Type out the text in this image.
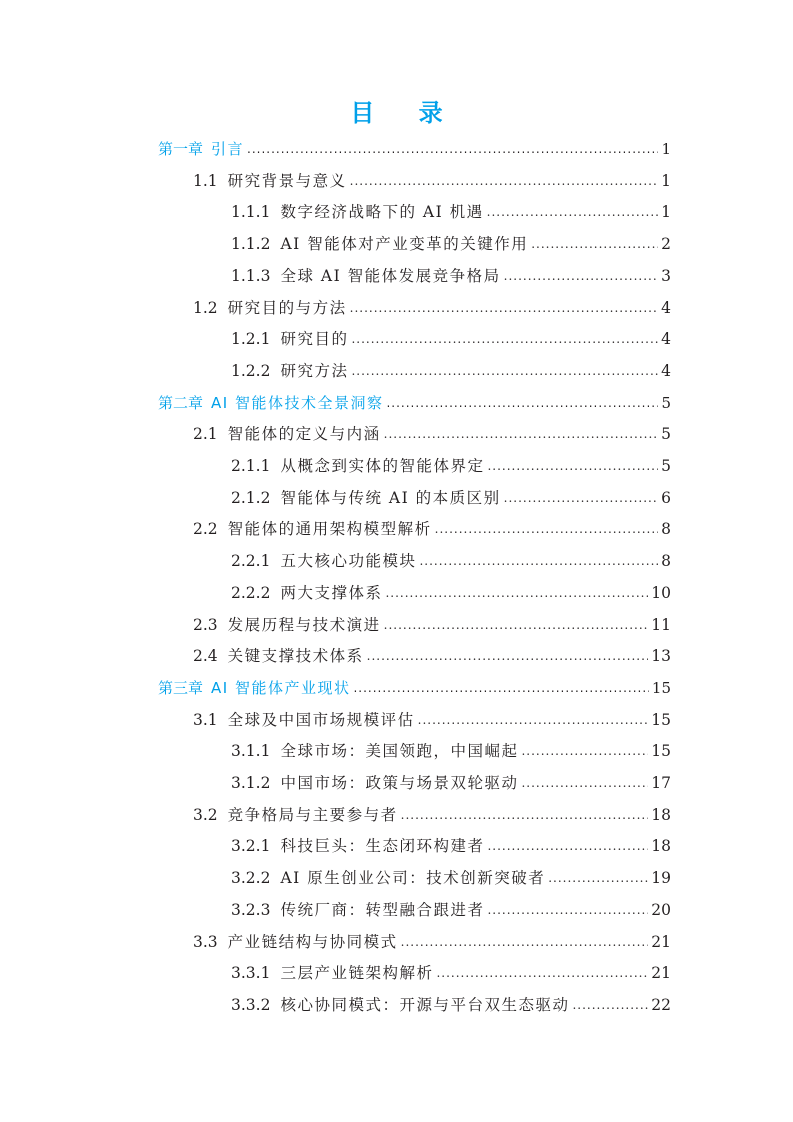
目 录
第一章 引言 .....	1
1.1 研究背景与意义 .....	1
1.1.1 数字经济战略下的 AI 机遇 .....	1
1.1.2 AI 智能体对产业变革的关键作用 .....	2
1.1.3 全球 AI 智能体发展竞争格局 .....	3
1.2 研究目的与方法 .....	4
1.2.1 研究目的 .....	4
1.2.2 研究方法 .....	4
第二章 AI 智能体技术全景洞察 .....	5
2.1 智能体的定义与内涵 .....	5
2.1.1 从概念到实体的智能体界定 .....	5
2.1.2 智能体与传统 AI 的本质区别 .....	6
2.2 智能体的通用架构模型解析 .....	8
2.2.1 五大核心功能模块 .....	8
2.2.2 两大支撑体系 .....	10
2.3 发展历程与技术演进 .....	11
2.4 关键支撑技术体系 .....	13
第三章 AI 智能体产业现状 .....	15
3.1 全球及中国市场规模评估 .....	15
3.1.1 全球市场：美国领跑，中国崛起 .....	15
3.1.2 中国市场：政策与场景双轮驱动 .....	17
3.2 竞争格局与主要参与者 .....	18
3.2.1 科技巨头：生态闭环构建者 .....	18
3.2.2 AI 原生创业公司：技术创新突破者 .....	19
3.2.3 传统厂商：转型融合跟进者 .....	20
3.3 产业链结构与协同模式 .....	21
3.3.1 三层产业链架构解析 .....	21
3.3.2 核心协同模式：开源与平台双生态驱动 .....	22
